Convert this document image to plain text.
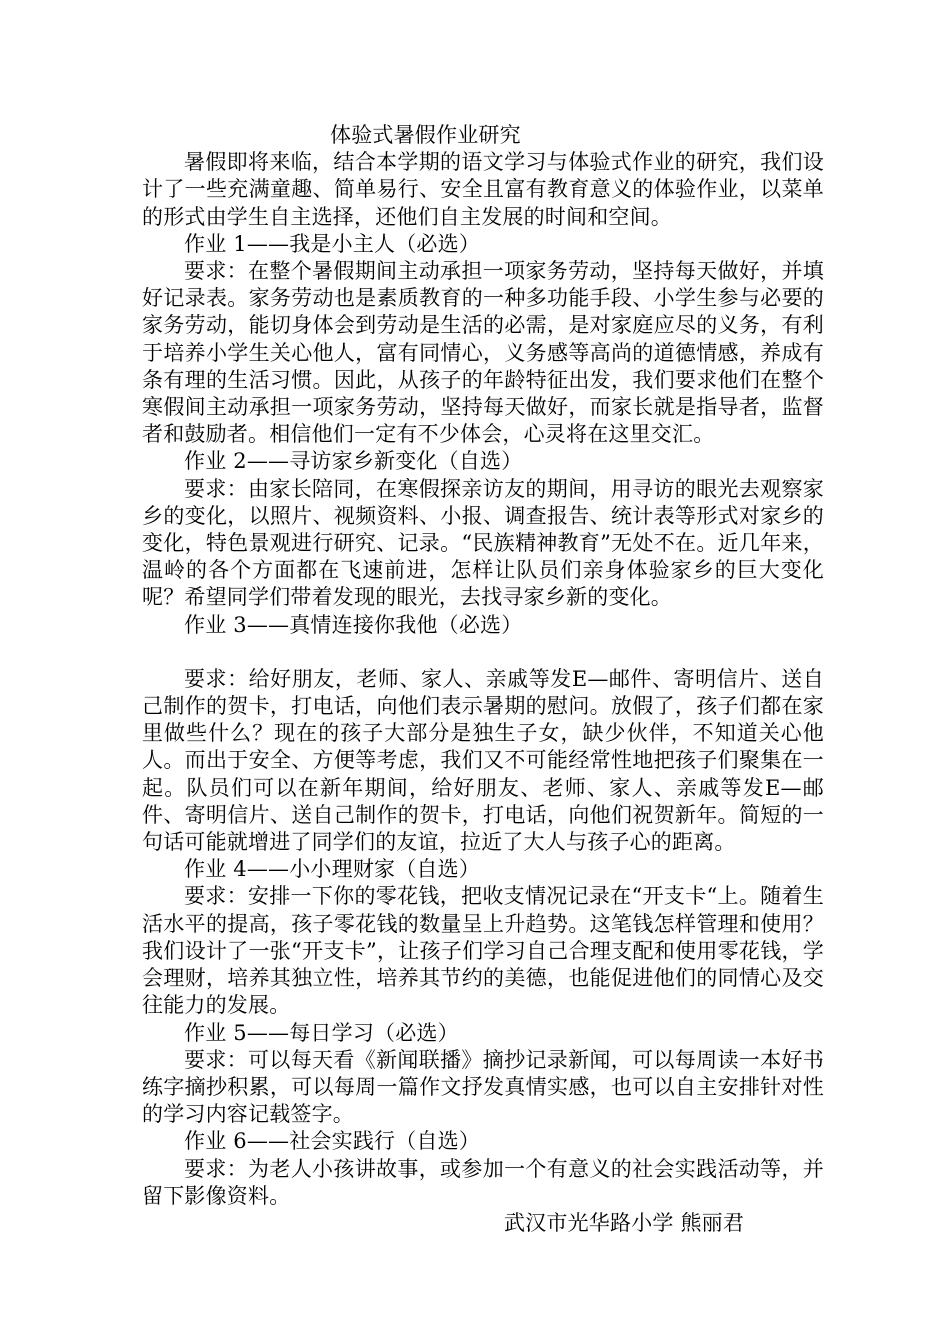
体验式暑假作业研究

暑假即将来临，结合本学期的语文学习与体验式作业的研究，我们设计了一些充满童趣、简单易行、安全且富有教育意义的体验作业，以菜单的形式由学生自主选择，还他们自主发展的时间和空间。

作业 1——我是小主人（必选）

要求：在整个暑假期间主动承担一项家务劳动，坚持每天做好，并填好记录表。家务劳动也是素质教育的一种多功能手段、小学生参与必要的家务劳动，能切身体会到劳动是生活的必需，是对家庭应尽的义务，有利于培养小学生关心他人，富有同情心，义务感等高尚的道德情感，养成有条有理的生活习惯。因此，从孩子的年龄特征出发，我们要求他们在整个寒假间主动承担一项家务劳动，坚持每天做好，而家长就是指导者，监督者和鼓励者。相信他们一定有不少体会，心灵将在这里交汇。

作业 2——寻访家乡新变化（自选）

要求：由家长陪同，在寒假探亲访友的期间，用寻访的眼光去观察家乡的变化，以照片、视频资料、小报、调查报告、统计表等形式对家乡的变化，特色景观进行研究、记录。“民族精神教育”无处不在。近几年来，温岭的各个方面都在飞速前进，怎样让队员们亲身体验家乡的巨大变化呢？希望同学们带着发现的眼光，去找寻家乡新的变化。

作业 3——真情连接你我他（必选）

要求：给好朋友，老师、家人、亲戚等发E—邮件、寄明信片、送自己制作的贺卡，打电话，向他们表示暑期的慰问。放假了，孩子们都在家里做些什么？现在的孩子大部分是独生子女，缺少伙伴，不知道关心他人。而出于安全、方便等考虑，我们又不可能经常性地把孩子们聚集在一起。队员们可以在新年期间，给好朋友、老师、家人、亲戚等发E—邮件、寄明信片、送自己制作的贺卡，打电话，向他们祝贺新年。简短的一句话可能就增进了同学们的友谊，拉近了大人与孩子心的距离。

作业 4——小小理财家（自选）

要求：安排一下你的零花钱，把收支情况记录在“开支卡“上。随着生活水平的提高，孩子零花钱的数量呈上升趋势。这笔钱怎样管理和使用？我们设计了一张“开支卡”，让孩子们学习自己合理支配和使用零花钱，学会理财，培养其独立性，培养其节约的美德，也能促进他们的同情心及交往能力的发展。

作业 5——每日学习（必选）

要求：可以每天看《新闻联播》摘抄记录新闻，可以每周读一本好书练字摘抄积累，可以每周一篇作文抒发真情实感，也可以自主安排针对性的学习内容记载签字。

作业 6——社会实践行（自选）

要求：为老人小孩讲故事，或参加一个有意义的社会实践活动等，并留下影像资料。

武汉市光华路小学 熊丽君
